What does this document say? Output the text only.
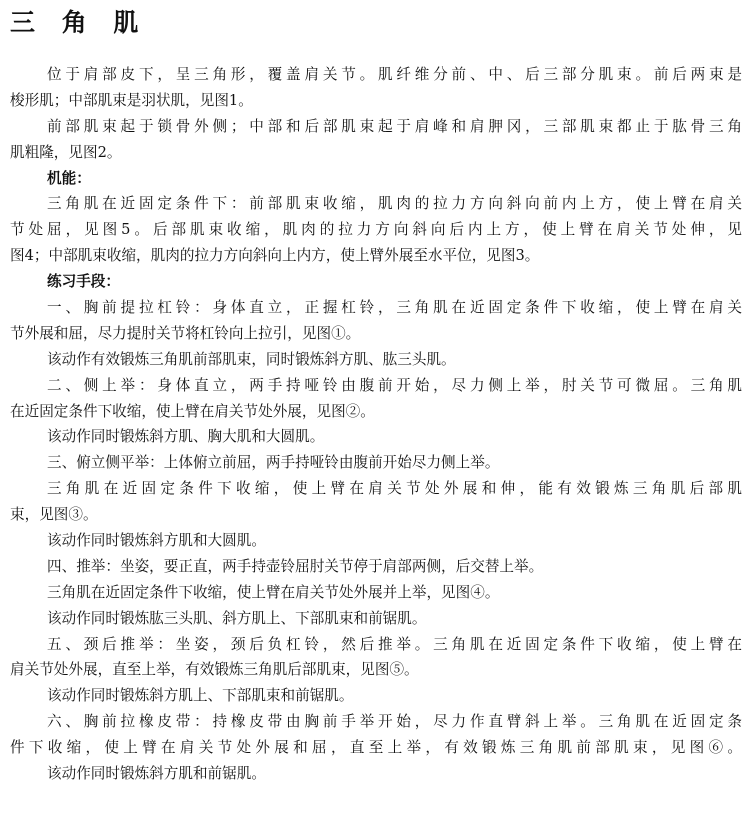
三 角 肌
位于肩部皮下，呈三角形，覆盖肩关节。肌纤维分前、中、后三部分肌束。前后两束是
梭形肌；中部肌束是羽状肌，见图1。
前部肌束起于锁骨外侧；中部和后部肌束起于肩峰和肩胛冈，三部肌束都止于肱骨三角
肌粗隆，见图2。
机能：
三角肌在近固定条件下：前部肌束收缩，肌肉的拉力方向斜向前内上方，使上臂在肩关
节处屈，见图5。后部肌束收缩，肌肉的拉力方向斜向后内上方，使上臂在肩关节处伸，见
图4；中部肌束收缩，肌肉的拉力方向斜向上内方，使上臂外展至水平位，见图3。
练习手段：
一、胸前提拉杠铃：身体直立，正握杠铃，三角肌在近固定条件下收缩，使上臂在肩关
节外展和屈，尽力提肘关节将杠铃向上拉引，见图①。
该动作有效锻炼三角肌前部肌束，同时锻炼斜方肌、肱三头肌。
二、侧上举：身体直立，两手持哑铃由腹前开始，尽力侧上举，肘关节可微屈。三角肌
在近固定条件下收缩，使上臂在肩关节处外展，见图②。
该动作同时锻炼斜方肌、胸大肌和大圆肌。
三、俯立侧平举：上体俯立前屈，两手持哑铃由腹前开始尽力侧上举。
三角肌在近固定条件下收缩，使上臂在肩关节处外展和伸，能有效锻炼三角肌后部肌
束，见图③。
该动作同时锻炼斜方肌和大圆肌。
四、推举：坐姿，要正直，两手持壶铃屈肘关节停于肩部两侧，后交替上举。
三角肌在近固定条件下收缩，使上臂在肩关节处外展并上举，见图④。
该动作同时锻炼肱三头肌、斜方肌上、下部肌束和前锯肌。
五、颈后推举：坐姿，颈后负杠铃，然后推举。三角肌在近固定条件下收缩，使上臂在
肩关节处外展，直至上举，有效锻炼三角肌后部肌束，见图⑤。
该动作同时锻炼斜方肌上、下部肌束和前锯肌。
六、胸前拉橡皮带：持橡皮带由胸前手举开始，尽力作直臂斜上举。三角肌在近固定条
件下收缩，使上臂在肩关节处外展和屈，直至上举，有效锻炼三角肌前部肌束，见图⑥。
该动作同时锻炼斜方肌和前锯肌。
